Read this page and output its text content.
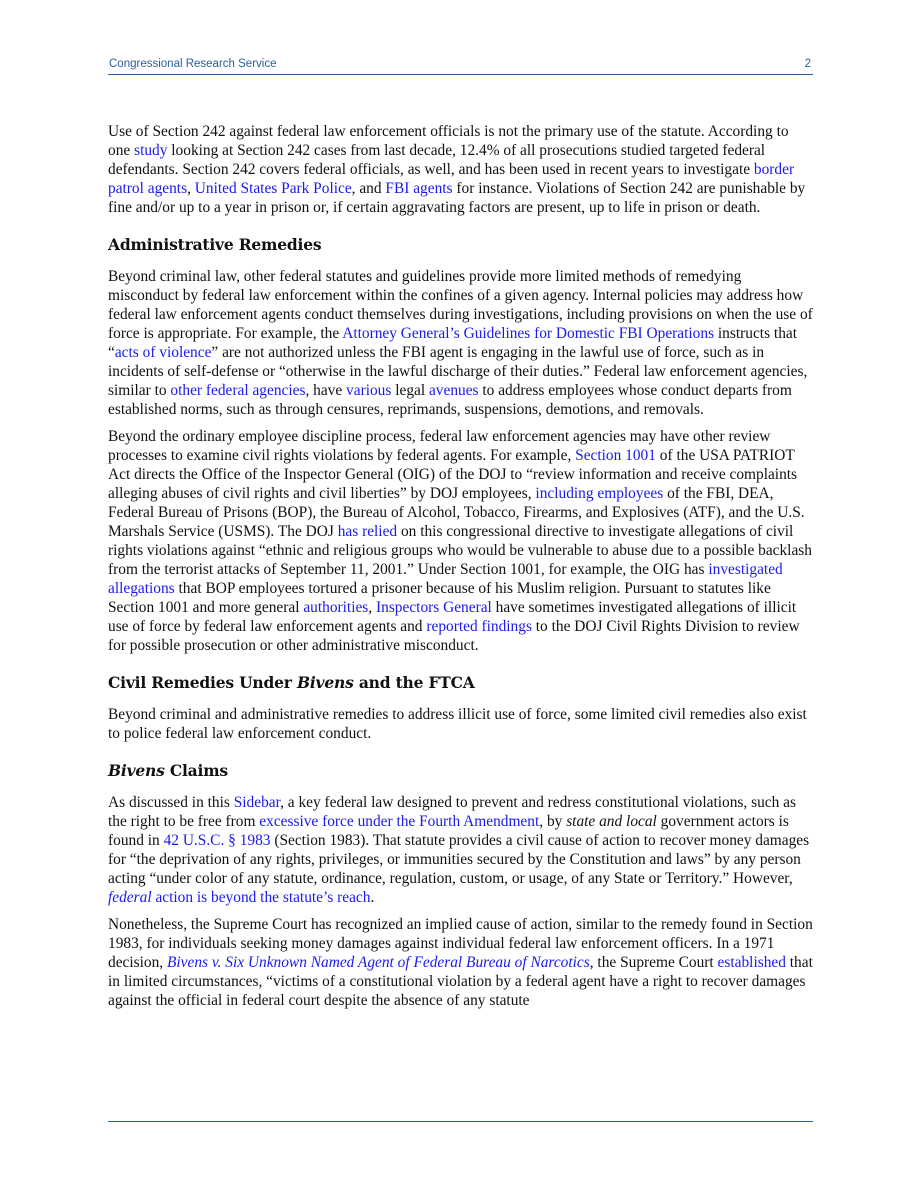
Congressional Research Service	2

Use of Section 242 against federal law enforcement officials is not the primary use of the statute. According to one study looking at Section 242 cases from last decade, 12.4% of all prosecutions studied targeted federal defendants. Section 242 covers federal officials, as well, and has been used in recent years to investigate border patrol agents, United States Park Police, and FBI agents for instance. Violations of Section 242 are punishable by fine and/or up to a year in prison or, if certain aggravating factors are present, up to life in prison or death.

Administrative Remedies

Beyond criminal law, other federal statutes and guidelines provide more limited methods of remedying misconduct by federal law enforcement within the confines of a given agency. Internal policies may address how federal law enforcement agents conduct themselves during investigations, including provisions on when the use of force is appropriate. For example, the Attorney General’s Guidelines for Domestic FBI Operations instructs that “acts of violence” are not authorized unless the FBI agent is engaging in the lawful use of force, such as in incidents of self-defense or “otherwise in the lawful discharge of their duties.” Federal law enforcement agencies, similar to other federal agencies, have various legal avenues to address employees whose conduct departs from established norms, such as through censures, reprimands, suspensions, demotions, and removals.

Beyond the ordinary employee discipline process, federal law enforcement agencies may have other review processes to examine civil rights violations by federal agents. For example, Section 1001 of the USA PATRIOT Act directs the Office of the Inspector General (OIG) of the DOJ to “review information and receive complaints alleging abuses of civil rights and civil liberties” by DOJ employees, including employees of the FBI, DEA, Federal Bureau of Prisons (BOP), the Bureau of Alcohol, Tobacco, Firearms, and Explosives (ATF), and the U.S. Marshals Service (USMS). The DOJ has relied on this congressional directive to investigate allegations of civil rights violations against “ethnic and religious groups who would be vulnerable to abuse due to a possible backlash from the terrorist attacks of September 11, 2001.” Under Section 1001, for example, the OIG has investigated allegations that BOP employees tortured a prisoner because of his Muslim religion. Pursuant to statutes like Section 1001 and more general authorities, Inspectors General have sometimes investigated allegations of illicit use of force by federal law enforcement agents and reported findings to the DOJ Civil Rights Division to review for possible prosecution or other administrative misconduct.

Civil Remedies Under Bivens and the FTCA

Beyond criminal and administrative remedies to address illicit use of force, some limited civil remedies also exist to police federal law enforcement conduct.

Bivens Claims

As discussed in this Sidebar, a key federal law designed to prevent and redress constitutional violations, such as the right to be free from excessive force under the Fourth Amendment, by state and local government actors is found in 42 U.S.C. § 1983 (Section 1983). That statute provides a civil cause of action to recover money damages for “the deprivation of any rights, privileges, or immunities secured by the Constitution and laws” by any person acting “under color of any statute, ordinance, regulation, custom, or usage, of any State or Territory.” However, federal action is beyond the statute’s reach.

Nonetheless, the Supreme Court has recognized an implied cause of action, similar to the remedy found in Section 1983, for individuals seeking money damages against individual federal law enforcement officers. In a 1971 decision, Bivens v. Six Unknown Named Agent of Federal Bureau of Narcotics, the Supreme Court established that in limited circumstances, “victims of a constitutional violation by a federal agent have a right to recover damages against the official in federal court despite the absence of any statute
